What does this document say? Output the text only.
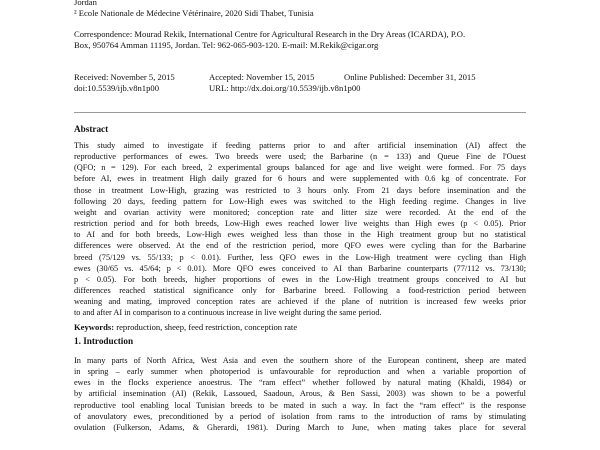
Jordan
² Ecole Nationale de Médecine Vétérinaire, 2020 Sidi Thabet, Tunisia
Correspondence: Mourad Rekik, International Centre for Agricultural Research in the Dry Areas (ICARDA), P.O.
Box, 950764 Amman 11195, Jordan. Tel: 962-065-903-120. E-mail: M.Rekik@cigar.org
Received: November 5, 2015	Accepted: November 15, 2015	Online Published: December 31, 2015
doi:10.5539/ijb.v8n1p00	URL: http://dx.doi.org/10.5539/ijb.v8n1p00
Abstract
This study aimed to investigate if feeding patterns prior to and after artificial insemination (AI) affect the
reproductive performances of ewes. Two breeds were used; the Barbarine (n = 133) and Queue Fine de l'Ouest
(QFO; n = 129). For each breed, 2 experimental groups balanced for age and live weight were formed. For 75 days
before AI, ewes in treatment High daily grazed for 6 hours and were supplemented with 0.6 kg of concentrate. For
those in treatment Low-High, grazing was restricted to 3 hours only. From 21 days before insemination and the
following 20 days, feeding pattern for Low-High ewes was switched to the High feeding regime. Changes in live
weight and ovarian activity were monitored; conception rate and litter size were recorded. At the end of the
restriction period and for both breeds, Low-High ewes reached lower live weights than High ewes (p < 0.05). Prior
to AI and for both breeds, Low-High ewes weighed less than those in the High treatment group but no statistical
differences were observed. At the end of the restriction period, more QFO ewes were cycling than for the Barbarine
breed (75/129 vs. 55/133; p < 0.01). Further, less QFO ewes in the Low-High treatment were cycling than High
ewes (30/65 vs. 45/64; p < 0.01). More QFO ewes conceived to AI than Barbarine counterparts (77/112 vs. 73/130;
p < 0.05). For both breeds, higher proportions of ewes in the Low-High treatment groups conceived to AI but
differences reached statistical significance only for Barbarine breed. Following a food-restriction period between
weaning and mating, improved conception rates are achieved if the plane of nutrition is increased few weeks prior
to and after AI in comparison to a continuous increase in live weight during the same period.
Keywords: reproduction, sheep, feed restriction, conception rate
1. Introduction
In many parts of North Africa, West Asia and even the southern shore of the European continent, sheep are mated
in spring – early summer when photoperiod is unfavourable for reproduction and when a variable proportion of
ewes in the flocks experience anoestrus. The “ram effect” whether followed by natural mating (Khaldi, 1984) or
by artificial insemination (AI) (Rekik, Lassoued, Saadoun, Arous, & Ben Sassi, 2003) was shown to be a powerful
reproductive tool enabling local Tunisian breeds to be mated in such a way. In fact the “ram effect” is the response
of anovulatory ewes, preconditioned by a period of isolation from rams to the introduction of rams by stimulating
ovulation (Fulkerson, Adams, & Gherardi, 1981). During March to June, when mating takes place for several
